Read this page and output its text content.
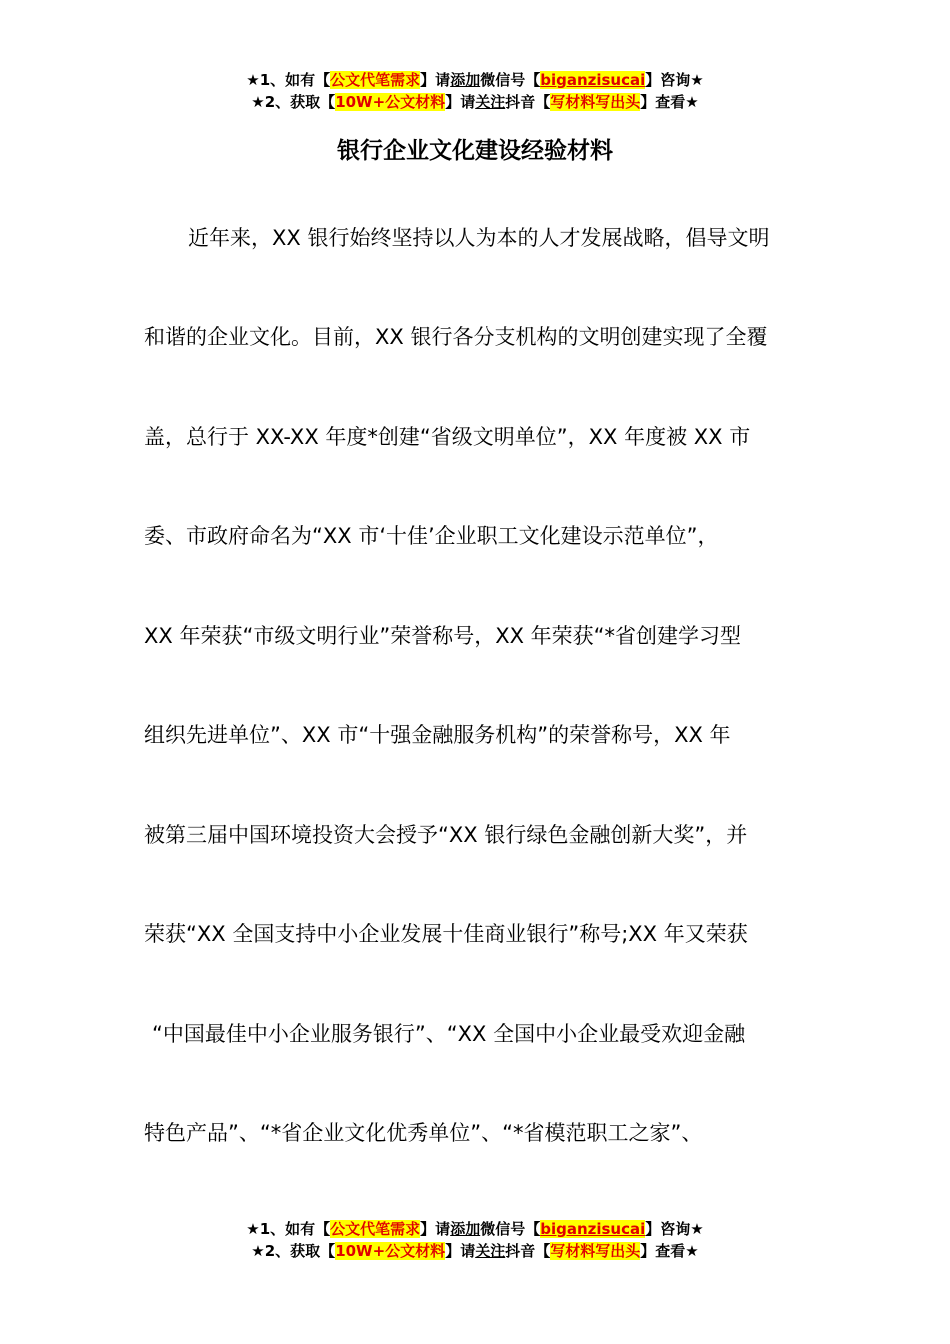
★1、如有【公文代笔需求】请添加微信号【biganzisucai】咨询★
★2、获取【10W+公文材料】请关注抖音【写材料写出头】查看★
银行企业文化建设经验材料
近年来，XX 银行始终坚持以人为本的人才发展战略，倡导文明
和谐的企业文化。目前，XX 银行各分支机构的文明创建实现了全覆
盖，总行于 XX-XX 年度*创建“省级文明单位”，XX 年度被 XX 市
委、市政府命名为“XX 市‘十佳’企业职工文化建设示范单位”，
XX 年荣获“市级文明行业”荣誉称号，XX 年荣获“*省创建学习型
组织先进单位”、XX 市“十强金融服务机构”的荣誉称号，XX 年
被第三届中国环境投资大会授予“XX 银行绿色金融创新大奖”，并
荣获“XX 全国支持中小企业发展十佳商业银行”称号;XX 年又荣获
“中国最佳中小企业服务银行”、“XX 全国中小企业最受欢迎金融
特色产品”、“*省企业文化优秀单位”、“*省模范职工之家”、
★1、如有【公文代笔需求】请添加微信号【biganzisucai】咨询★
★2、获取【10W+公文材料】请关注抖音【写材料写出头】查看★
